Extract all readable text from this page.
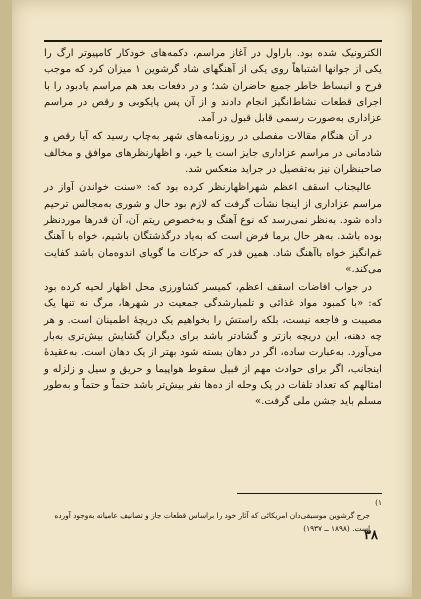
الکترونیک شده بود. باراول در آغاز مراسم، دکمه‌های خودکار کامپیوتر ارگ را یکی از جوانها اشتباهاً روی یکی از آهنگهای شاد گرشوین ۱ میزان کرد که موجب فرح و انبساط خاطر جمیع حاضران شد؛ و در دفعات بعد هم مراسم یادبود را با اجرای قطعات نشاط‌انگیز انجام دادند و از آن پس پایکوبی و رقص در مراسم عزاداری به‌صورت رسمی قابل قبول در آمد.

در آن هنگام مقالات مفصلی در روزنامه‌های شهر به‌چاپ رسید که آیا رقص و شادمانی در مراسم عزاداری جایز است یا خیر، و اظهارنظرهای موافق و مخالف صاحبنظران نیز به‌تفصیل در جراید منعکس شد.

عالیجناب اسقف اعظم شهراظهارنظر کرده بود که: «سنت خواندن آواز در مراسم عزاداری از اینجا نشأت گرفت که لازم بود حال و شوری به‌مجالس ترحیم داده شود. به‌نظر نمی‌رسد که نوع آهنگ و به‌خصوص ریتم آن، آن قدرها موردنظر بوده باشد. به‌هر حال برما فرض است که به‌یاد درگذشتگان باشیم، خواه با آهنگ غم‌انگیز خواه باآهنگ شاد. همین قدر که حرکات ما گویای اندوه‌مان باشد کفایت می‌کند.»

در جواب افاضات اسقف اعظم، کمیسر کشاورزی محل اظهار لحیه کرده بود که: «با کمبود مواد غذائی و تلمبارشدگی جمعیت در شهرها، مرگ نه تنها یک مصیبت و فاجعه نیست، بلکه راستش را بخواهیم یک دریچهٔ اطمینان است. و هر چه دهنه، این دریچه بازتر و گشادتر باشد برای دیگران گشایش بیش‌تری به‌بار می‌آورد. به‌عبارت ساده، اگر در دهان بسته شود بهتر از یک دهان است. به‌عقیدهٔ اینجانب، اگر برای حوادث مهم از قبیل سقوط هواپیما و حریق و سیل و زلزله و امثالهم که تعداد تلفات در یک وحله از ده‌ها نفر بیش‌تر باشد حتماً و حتماً و به‌طور مسلم باید جشن ملی گرفت.»

۱)
جرج گرشوین موسیقی‌دان امریکائی که آثار خود را براساس قطعات جاز و تصانیف عامیانه به‌وجود آورده است. (۱۸۹۸ ــ ۱۹۳۷)
۳۸
